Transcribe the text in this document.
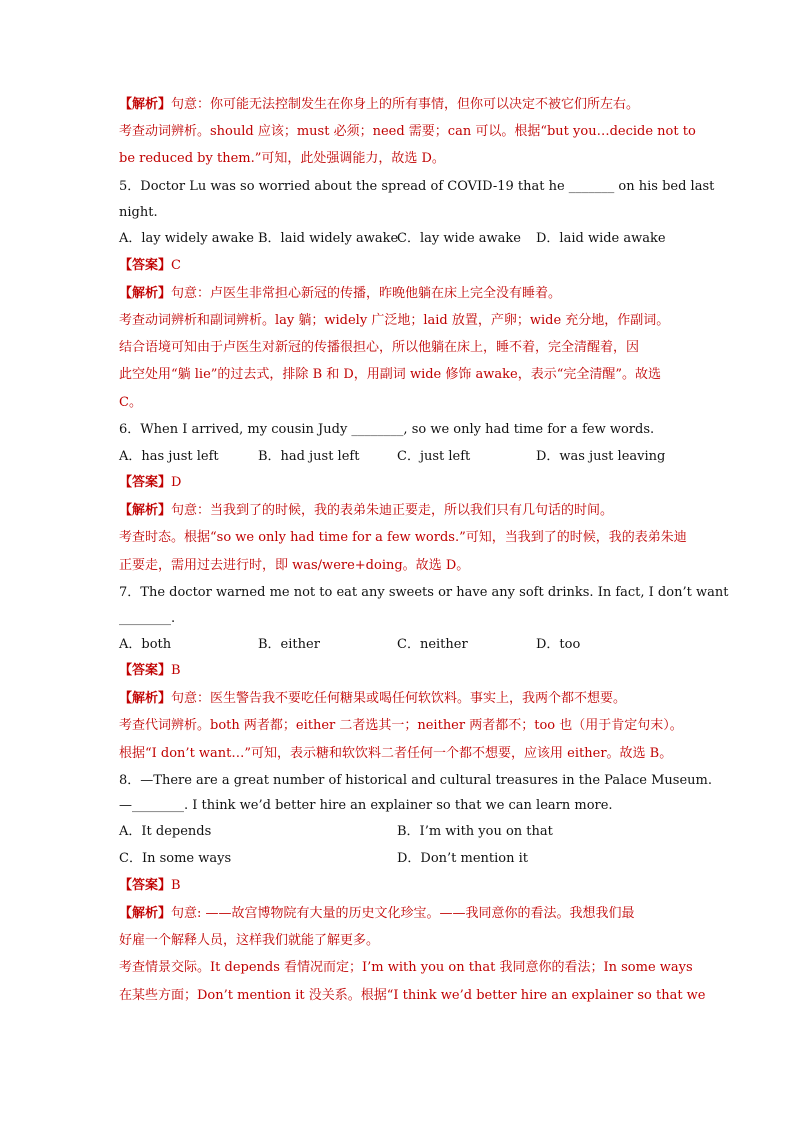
【解析】句意：你可能无法控制发生在你身上的所有事情，但你可以决定不被它们所左右。
考查动词辨析。should 应该；must 必须；need 需要；can 可以。根据“but you…decide not to
be reduced by them.”可知，此处强调能力，故选 D。
5．Doctor Lu was so worried about the spread of COVID-19 that he _______ on his bed last
night.
A．lay widely awake B．laid widely awake
C．lay wide awake D．laid wide awake
【答案】C
【解析】句意：卢医生非常担心新冠的传播，昨晚他躺在床上完全没有睡着。
考查动词辨析和副词辨析。lay 躺；widely 广泛地；laid 放置，产卵；wide 充分地，作副词。
结合语境可知由于卢医生对新冠的传播很担心，所以他躺在床上，睡不着，完全清醒着，因
此空处用“躺 lie”的过去式，排除 B 和 D，用副词 wide 修饰 awake，表示“完全清醒”。故选
C。
6．When I arrived, my cousin Judy ________, so we only had time for a few words.
A．has just left	B．had just left	C．just left	D．was just leaving
【答案】D
【解析】句意：当我到了的时候，我的表弟朱迪正要走，所以我们只有几句话的时间。
考查时态。根据“so we only had time for a few words.”可知，当我到了的时候，我的表弟朱迪
正要走，需用过去进行时，即 was/were+doing。故选 D。
7．The doctor warned me not to eat any sweets or have any soft drinks. In fact, I don’t want
________.
A．both	B．either	C．neither	D．too
【答案】B
【解析】句意：医生警告我不要吃任何糖果或喝任何软饮料。事实上，我两个都不想要。
考查代词辨析。both 两者都；either 二者选其一；neither 两者都不；too 也（用于肯定句末）。
根据“I don’t want…”可知，表示糖和软饮料二者任何一个都不想要，应该用 either。故选 B。
8．—There are a great number of historical and cultural treasures in the Palace Museum.
—________. I think we’d better hire an explainer so that we can learn more.
A．It depends	B．I’m with you on that
C．In some ways	D．Don’t mention it
【答案】B
【解析】句意: ——故宫博物院有大量的历史文化珍宝。——我同意你的看法。我想我们最
好雇一个解释人员，这样我们就能了解更多。
考查情景交际。It depends 看情况而定；I’m with you on that 我同意你的看法；In some ways
在某些方面；Don’t mention it 没关系。根据“I think we’d better hire an explainer so that we
